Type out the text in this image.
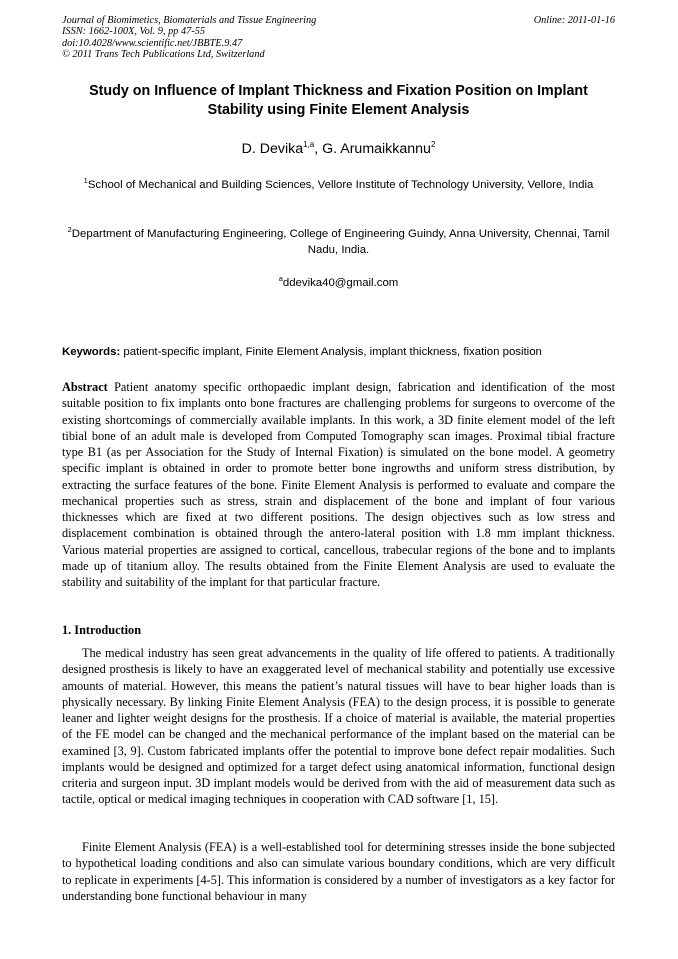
Journal of Biomimetics, Biomaterials and Tissue Engineering
ISSN: 1662-100X, Vol. 9, pp 47-55
doi:10.4028/www.scientific.net/JBBTE.9.47
© 2011 Trans Tech Publications Ltd, Switzerland
Online: 2011-01-16
Study on Influence of Implant Thickness and Fixation Position on Implant Stability using Finite Element Analysis
D. Devika$^{1,a}$, G. Arumaikkannu$^2$
$^1$School of Mechanical and Building Sciences, Vellore Institute of Technology University, Vellore, India
$^2$Department of Manufacturing Engineering, College of Engineering Guindy, Anna University, Chennai, Tamil Nadu, India.
$^a$ddevika40@gmail.com
Keywords: patient-specific implant, Finite Element Analysis, implant thickness, fixation position
Abstract Patient anatomy specific orthopaedic implant design, fabrication and identification of the most suitable position to fix implants onto bone fractures are challenging problems for surgeons to overcome of the existing shortcomings of commercially available implants. In this work, a 3D finite element model of the left tibial bone of an adult male is developed from Computed Tomography scan images. Proximal tibial fracture type B1 (as per Association for the Study of Internal Fixation) is simulated on the bone model. A geometry specific implant is obtained in order to promote better bone ingrowths and uniform stress distribution, by extracting the surface features of the bone. Finite Element Analysis is performed to evaluate and compare the mechanical properties such as stress, strain and displacement of the bone and implant of four various thicknesses which are fixed at two different positions. The design objectives such as low stress and displacement combination is obtained through the antero-lateral position with 1.8 mm implant thickness. Various material properties are assigned to cortical, cancellous, trabecular regions of the bone and to implants made up of titanium alloy. The results obtained from the Finite Element Analysis are used to evaluate the stability and suitability of the implant for that particular fracture.
1. Introduction
The medical industry has seen great advancements in the quality of life offered to patients. A traditionally designed prosthesis is likely to have an exaggerated level of mechanical stability and potentially use excessive amounts of material. However, this means the patient’s natural tissues will have to bear higher loads than is physically necessary. By linking Finite Element Analysis (FEA) to the design process, it is possible to generate leaner and lighter weight designs for the prosthesis. If a choice of material is available, the material properties of the FE model can be changed and the mechanical performance of the implant based on the material can be examined [3, 9]. Custom fabricated implants offer the potential to improve bone defect repair modalities. Such implants would be designed and optimized for a target defect using anatomical information, functional design criteria and surgeon input. 3D implant models would be derived from with the aid of measurement data such as tactile, optical or medical imaging techniques in cooperation with CAD software [1, 15].
Finite Element Analysis (FEA) is a well-established tool for determining stresses inside the bone subjected to hypothetical loading conditions and also can simulate various boundary conditions, which are very difficult to replicate in experiments [4-5]. This information is considered by a number of investigators as a key factor for understanding bone functional behaviour in many
